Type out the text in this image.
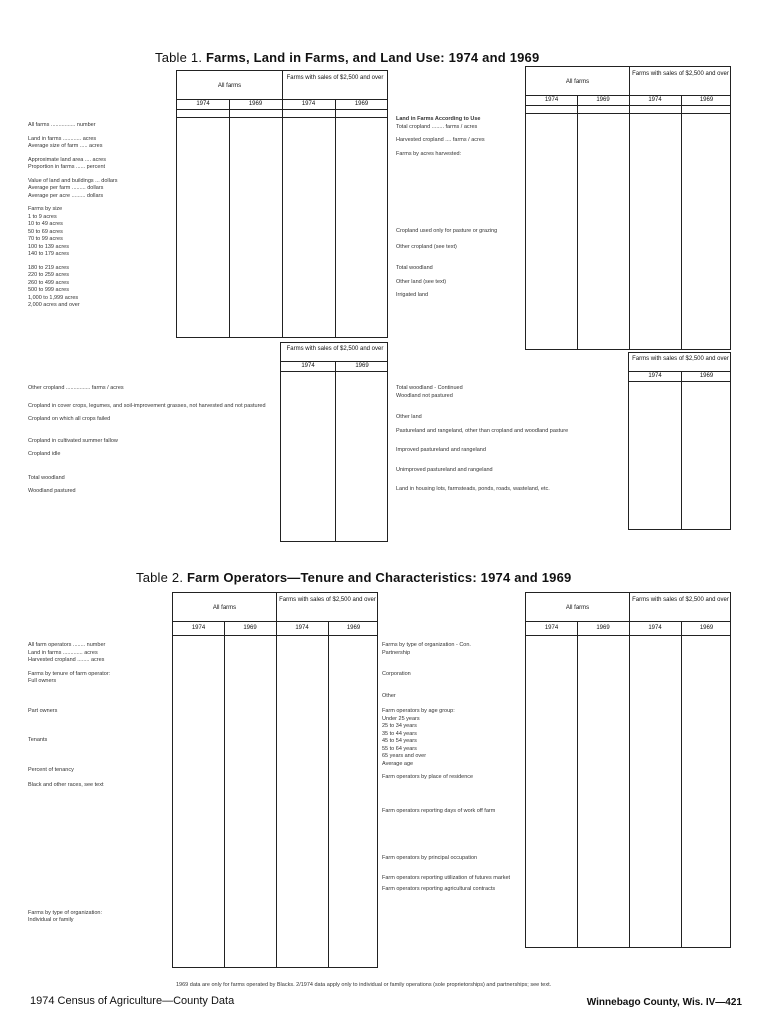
Table 1. Farms, Land in Farms, and Land Use: 1974 and 1969
All farms
Farms with sales of $2,500 and over
1974	1969	1974	1969
All farms ................ number
Land in farms ............ acres
Average size of farm ..... acres
Approximate land area .... acres
Proportion in farms ...... percent
Value of land and buildings ... dollars
Average per farm ......... dollars
Average per acre ......... dollars
Farms by size
1 to 9 acres
10 to 49 acres
50 to 69 acres
70 to 99 acres
100 to 139 acres
140 to 179 acres
180 to 219 acres
220 to 259 acres
260 to 499 acres
500 to 999 acres
1,000 to 1,999 acres
2,000 acres and over
All farms
Farms with sales of $2,500 and over
1974	1969	1974	1969
Land in Farms According to Use
Total cropland ........ farms / acres
Harvested cropland .... farms / acres
Farms by acres harvested:
Cropland used only for pasture or grazing
Other cropland (see text)
Total woodland
Other land (see text)
Irrigated land
Farms with sales of $2,500 and over
1974	1969
Other cropland ................ farms / acres
Cropland in cover crops, legumes, and soil-improvement grasses, not harvested and not pastured
Cropland on which all crops failed
Cropland in cultivated summer fallow
Cropland idle
Total woodland
Woodland pastured
Farms with sales of $2,500 and over
1974	1969
Total woodland - Continued
Woodland not pastured
Other land
Pastureland and rangeland, other than cropland and woodland pasture
Improved pastureland and rangeland
Unimproved pastureland and rangeland
Land in housing lots, farmsteads, ponds, roads, wasteland, etc.
Table 2. Farm Operators—Tenure and Characteristics: 1974 and 1969
All farms
Farms with sales of $2,500 and over
1974	1969	1974	1969
All farm operators ........ number
Land in farms ............. acres
Harvested cropland ........ acres
Farms by tenure of farm operator:
Full owners
Part owners
Tenants
Percent of tenancy
Black and other races, see text
Farms by type of organization:
Individual or family
All farms
Farms with sales of $2,500 and over
1974	1969	1974	1969
Farms by type of organization - Con.
Partnership
Corporation
Other
Farm operators by age group:
Under 25 years
25 to 34 years
35 to 44 years
45 to 54 years
55 to 64 years
65 years and over
Average age
Farm operators by place of residence
Farm operators reporting days of work off farm
Farm operators by principal occupation
Farm operators reporting utilization of futures market
Farm operators reporting agricultural contracts
1969 data are only for farms operated by Blacks. 2/1974 data apply only to individual or family operations (sole proprietorships) and partnerships; see text.
1974 Census of Agriculture—County Data	Winnebago County, Wis. IV—421
